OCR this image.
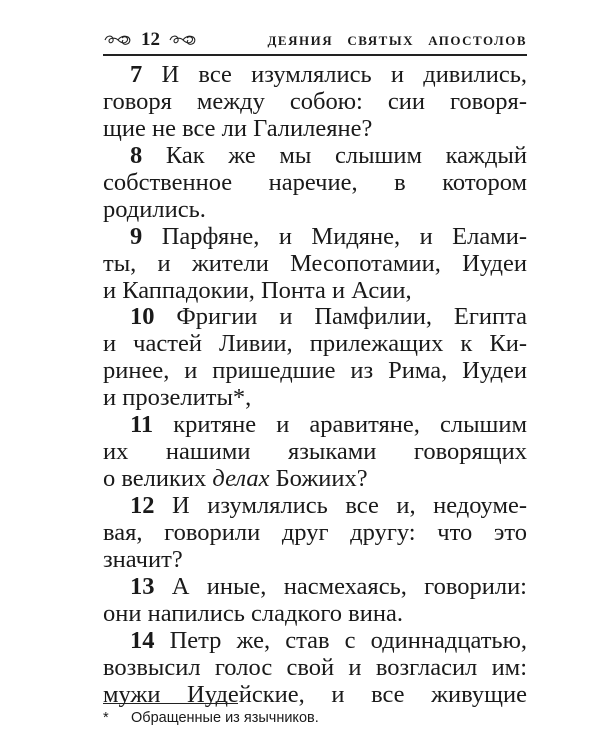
12	деяния святых апостолов
7 И все изумлялись и дивились,
говоря между собою: сии говоря-
щие не все ли Галилеяне?
8 Как же мы слышим каждый
собственное наречие, в котором
родились.
9 Парфяне, и Мидяне, и Елами-
ты, и жители Месопотамии, Иудеи
и Каппадокии, Понта и Асии,
10 Фригии и Памфилии, Египта
и частей Ливии, прилежащих к Ки-
ринее, и пришедшие из Рима, Иудеи
и прозелиты*,
11 критяне и аравитяне, слышим
их нашими языками говорящих
о великих делах Божиих?
12 И изумлялись все и, недоуме-
вая, говорили друг другу: что это
значит?
13 А иные, насмехаясь, говорили:
они напились сладкого вина.
14 Петр же, став с одиннадцатью,
возвысил голос свой и возгласил им:
мужи Иудейские, и все живущие
* Обращенные из язычников.
